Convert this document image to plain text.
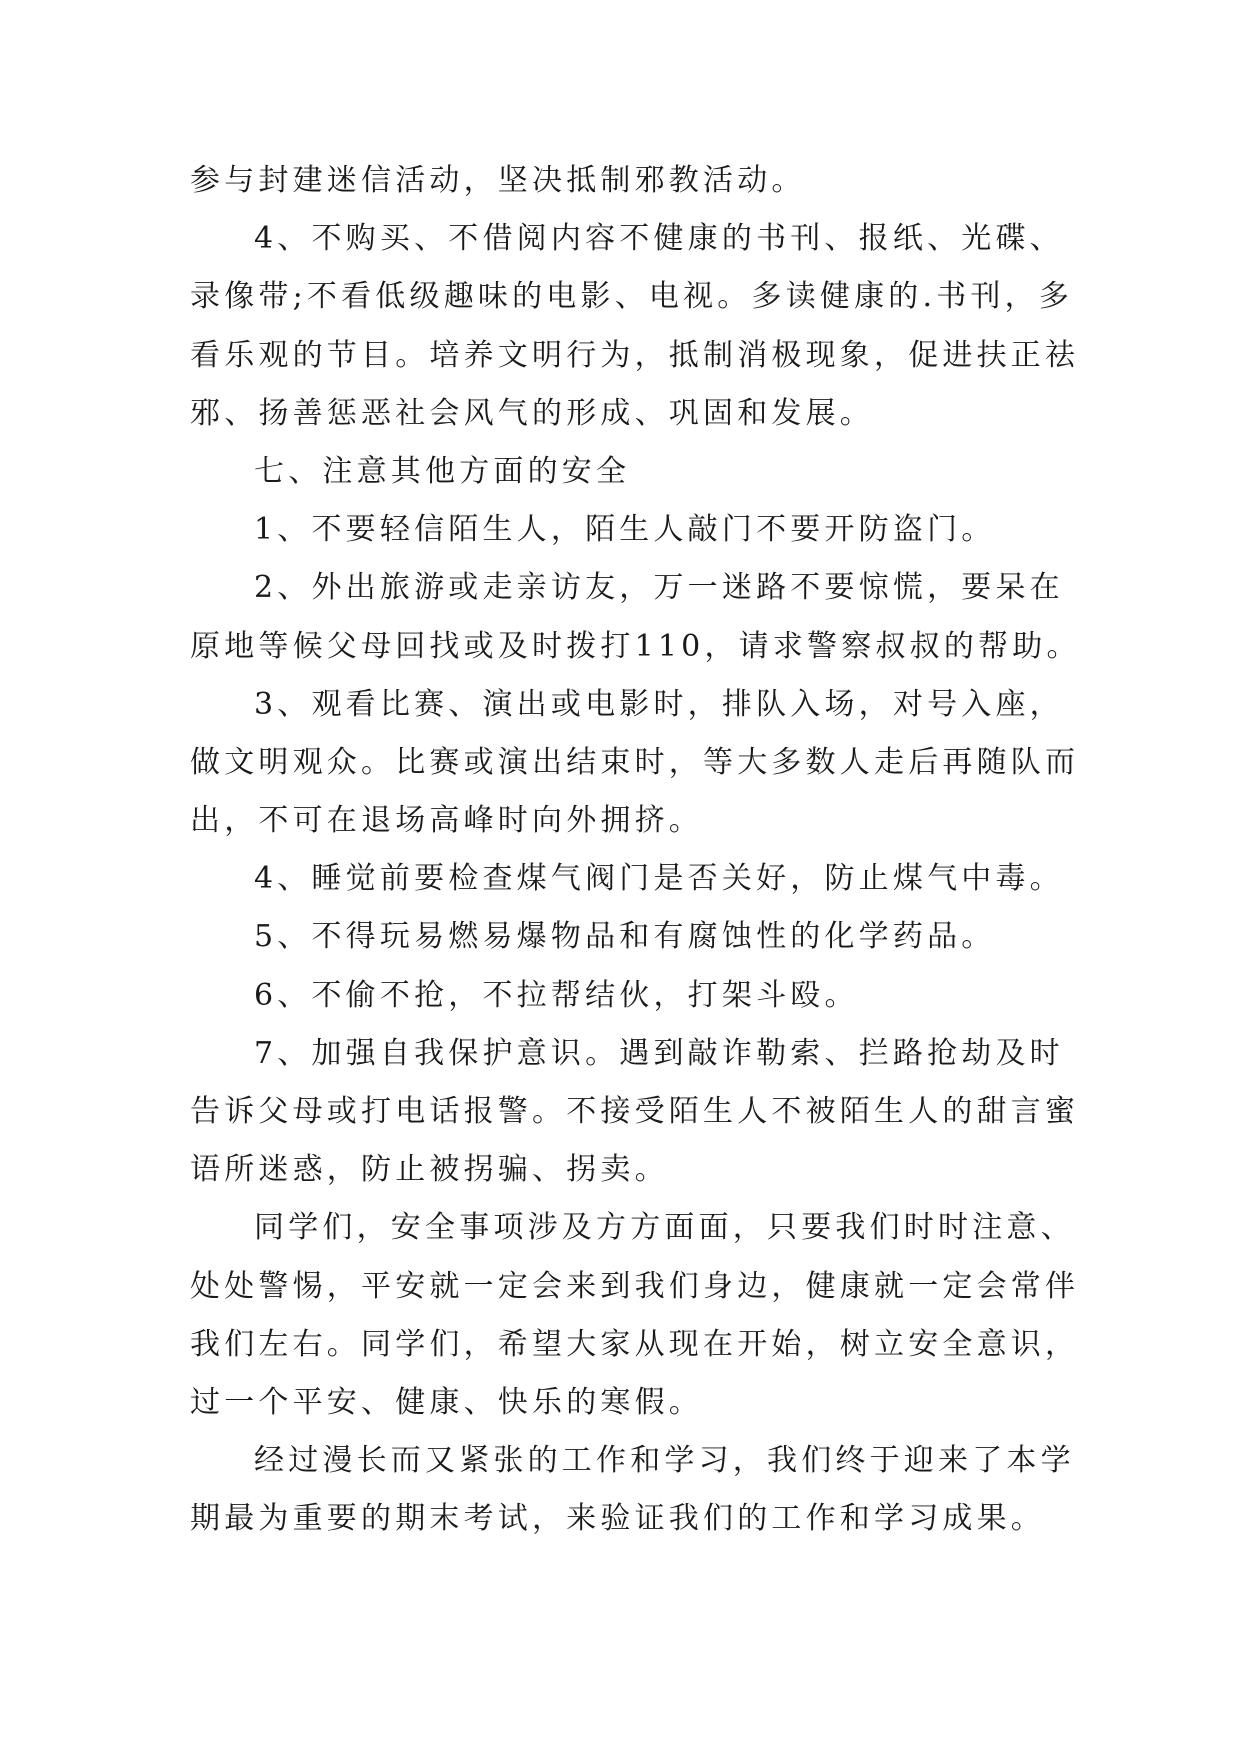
参与封建迷信活动，坚决抵制邪教活动。

4、不购买、不借阅内容不健康的书刊、报纸、光碟、
录像带;不看低级趣味的电影、电视。多读健康的.书刊，多
看乐观的节目。培养文明行为，抵制消极现象，促进扶正祛
邪、扬善惩恶社会风气的形成、巩固和发展。

七、注意其他方面的安全

1、不要轻信陌生人，陌生人敲门不要开防盗门。

2、外出旅游或走亲访友，万一迷路不要惊慌，要呆在
原地等候父母回找或及时拨打110，请求警察叔叔的帮助。

3、观看比赛、演出或电影时，排队入场，对号入座，
做文明观众。比赛或演出结束时，等大多数人走后再随队而
出，不可在退场高峰时向外拥挤。

4、睡觉前要检查煤气阀门是否关好，防止煤气中毒。

5、不得玩易燃易爆物品和有腐蚀性的化学药品。

6、不偷不抢，不拉帮结伙，打架斗殴。

7、加强自我保护意识。遇到敲诈勒索、拦路抢劫及时
告诉父母或打电话报警。不接受陌生人不被陌生人的甜言蜜
语所迷惑，防止被拐骗、拐卖。

同学们，安全事项涉及方方面面，只要我们时时注意、
处处警惕，平安就一定会来到我们身边，健康就一定会常伴
我们左右。同学们，希望大家从现在开始，树立安全意识，
过一个平安、健康、快乐的寒假。

经过漫长而又紧张的工作和学习，我们终于迎来了本学
期最为重要的期末考试，来验证我们的工作和学习成果。
